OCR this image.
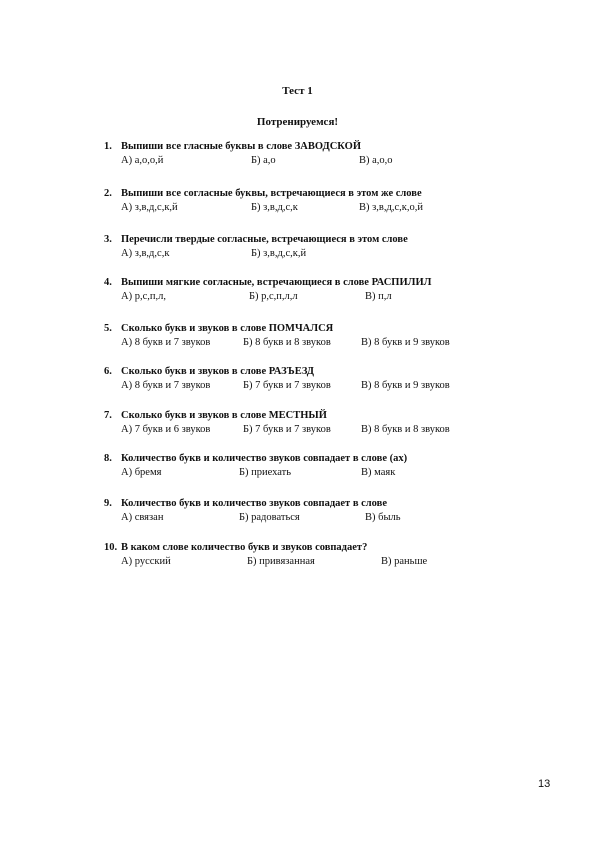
Тест 1
Потренируемся!
1. Выпиши все гласные буквы в слове ЗАВОДСКОЙ
А) а,о,о,й	Б) а,о	В) а,о,о
2. Выпиши все согласные буквы, встречающиеся в этом же слове
А) з,в,д,с,к,й	Б) з,в,д,с,к	В) з,в,д,с,к,о,й
3. Перечисли твердые согласные, встречающиеся в этом слове
А) з,в,д,с,к	Б) з,в,д,с,к,й
4. Выпиши мягкие согласные, встречающиеся в слове РАСПИЛИЛ
А) р,с,п,л,	Б) р,с,п,л,л	В) п,л
5. Сколько букв и звуков в слове ПОМЧАЛСЯ
А) 8 букв и 7 звуков	Б) 8 букв и 8 звуков	В) 8 букв и 9 звуков
6. Сколько букв и звуков в слове РАЗЪЕЗД
А) 8 букв и 7 звуков	Б) 7 букв и 7 звуков	В) 8 букв и 9 звуков
7. Сколько букв и звуков в слове МЕСТНЫЙ
А) 7 букв и 6 звуков	Б) 7 букв и 7 звуков	В) 8 букв и 8 звуков
8. Количество букв и количество звуков совпадает в слове (ах)
А) бремя	Б) приехать	В) маяк
9. Количество букв и количество звуков совпадает в слове
А) связан	Б) радоваться	В) быль
10. В каком слове количество букв и звуков совпадает?
А) русский	Б) привязанная	В) раньше
13
